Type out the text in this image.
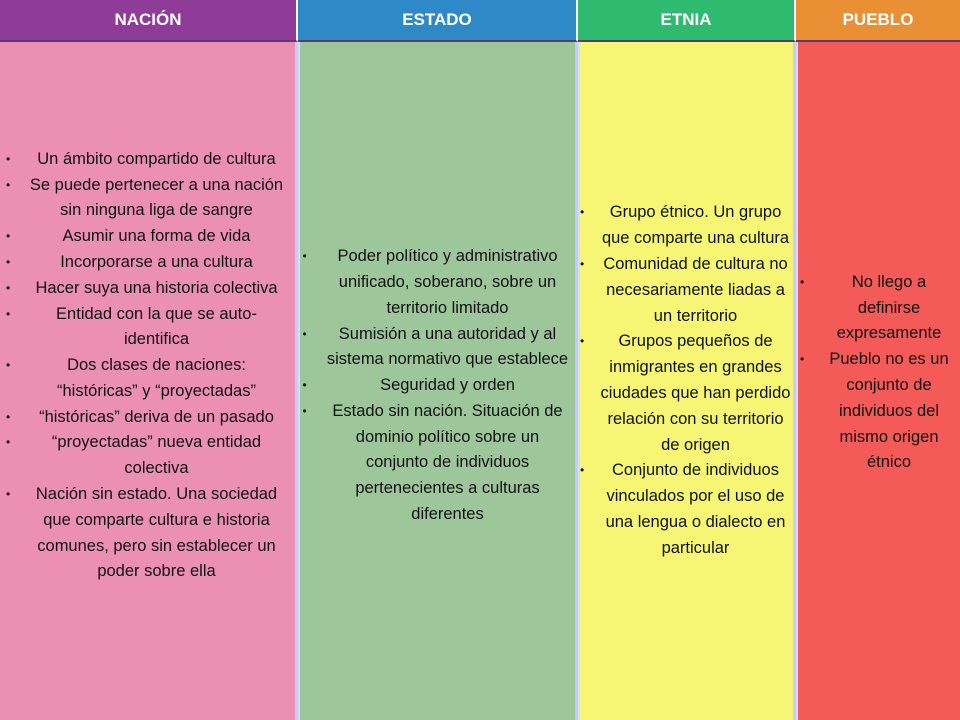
NACIÓN
•	Un ámbito compartido de cultura
•	Se puede pertenecer a una nación sin ninguna liga de sangre
•	Asumir una forma de vida
•	Incorporarse a una cultura
•	Hacer suya una historia colectiva
•	Entidad con la que se auto-identifica
•	Dos clases de naciones: “históricas” y “proyectadas”
•	“históricas” deriva de un pasado
•	“proyectadas” nueva entidad colectiva
•	Nación sin estado. Una sociedad que comparte cultura e historia comunes, pero sin establecer un poder sobre ella
ESTADO
•	Poder político y administrativo unificado, soberano, sobre un territorio limitado
•	Sumisión a una autoridad y al sistema normativo que establece
•	Seguridad y orden
•	Estado sin nación. Situación de dominio político sobre un conjunto de individuos pertenecientes a culturas diferentes
ETNIA
•	Grupo étnico. Un grupo que comparte una cultura
•	Comunidad de cultura no necesariamente liadas a un territorio
•	Grupos pequeños de inmigrantes en grandes ciudades que han perdido relación con su territorio de origen
•	Conjunto de individuos vinculados por el uso de una lengua o dialecto en particular
PUEBLO
•	No llego a definirse expresamente
•	Pueblo no es un conjunto de individuos del mismo origen étnico
